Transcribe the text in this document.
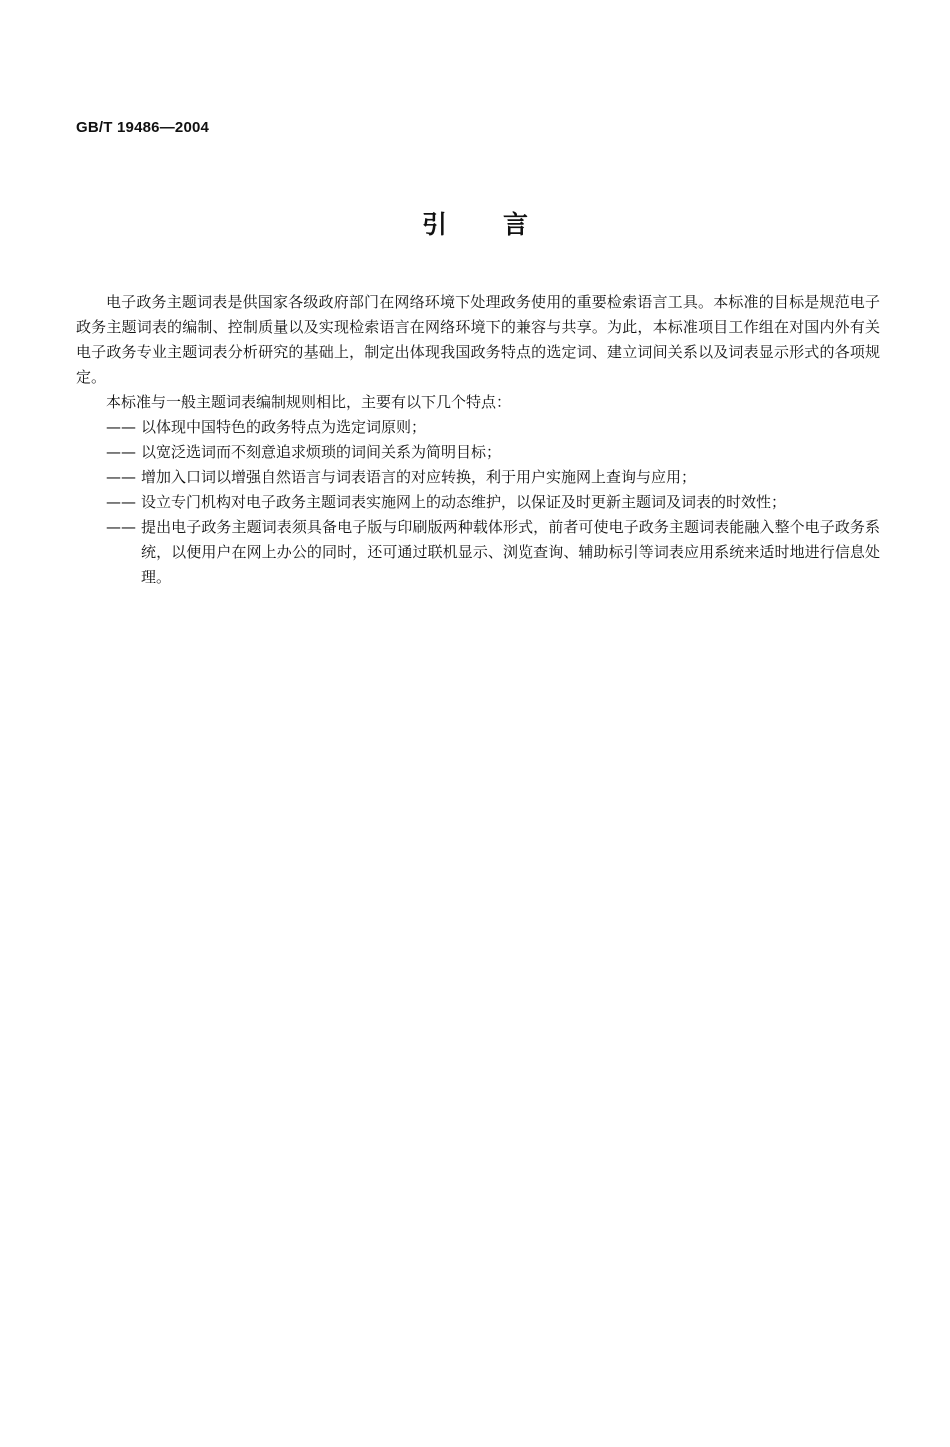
GB/T 19486—2004
引言

电子政务主题词表是供国家各级政府部门在网络环境下处理政务使用的重要检索语言工具。本标准的目标是规范电子政务主题词表的编制、控制质量以及实现检索语言在网络环境下的兼容与共享。为此，本标准项目工作组在对国内外有关电子政务专业主题词表分析研究的基础上，制定出体现我国政务特点的选定词、建立词间关系以及词表显示形式的各项规定。

本标准与一般主题词表编制规则相比，主要有以下几个特点：

—— 以体现中国特色的政务特点为选定词原则；
—— 以宽泛选词而不刻意追求烦琐的词间关系为简明目标；
—— 增加入口词以增强自然语言与词表语言的对应转换，利于用户实施网上查询与应用；
—— 设立专门机构对电子政务主题词表实施网上的动态维护，以保证及时更新主题词及词表的时效性；
—— 提出电子政务主题词表须具备电子版与印刷版两种载体形式，前者可使电子政务主题词表能融入整个电子政务系统，以便用户在网上办公的同时，还可通过联机显示、浏览查询、辅助标引等词表应用系统来适时地进行信息处理。
